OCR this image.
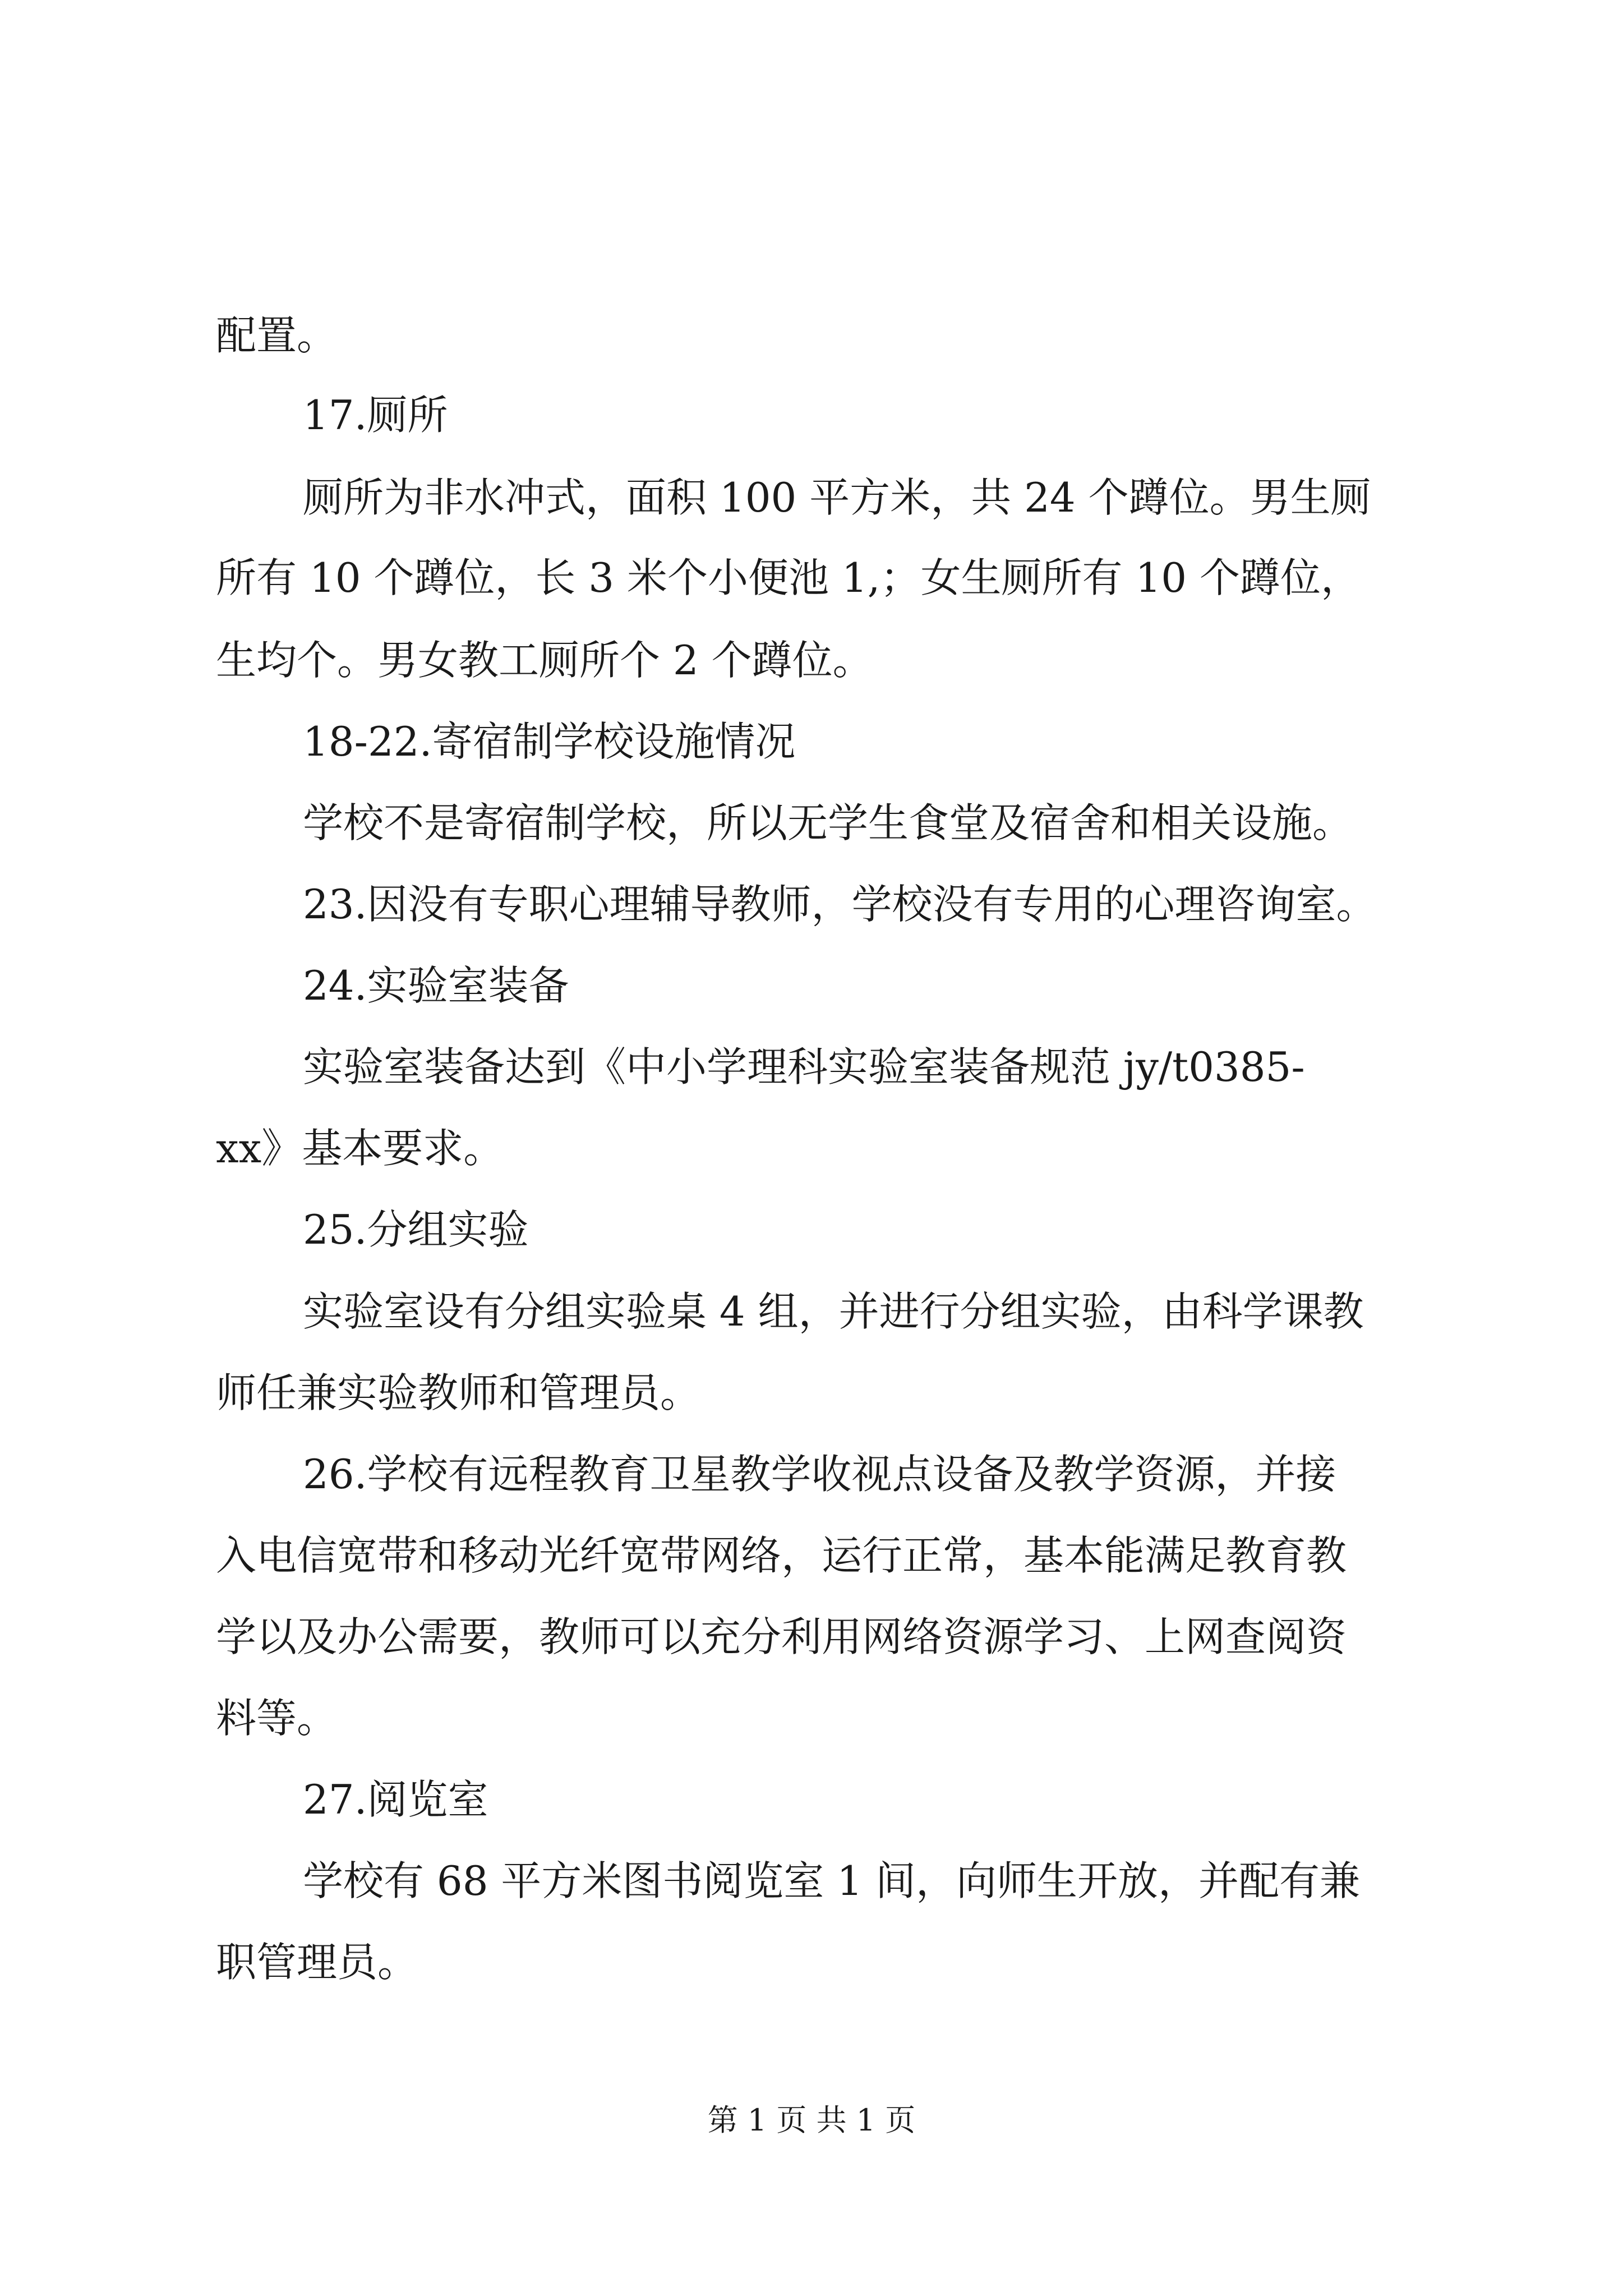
配置。
17.厕所
厕所为非水冲式，面积 100 平方米，共 24 个蹲位。男生厕
所有 10 个蹲位，长 3 米个小便池 1,；女生厕所有 10 个蹲位，
生均个。男女教工厕所个 2 个蹲位。
18-22.寄宿制学校设施情况
学校不是寄宿制学校，所以无学生食堂及宿舍和相关设施。
23.因没有专职心理辅导教师，学校没有专用的心理咨询室。
24.实验室装备
实验室装备达到《中小学理科实验室装备规范 jy/t0385-
xx》基本要求。
25.分组实验
实验室设有分组实验桌 4 组，并进行分组实验，由科学课教
师任兼实验教师和管理员。
26.学校有远程教育卫星教学收视点设备及教学资源，并接
入电信宽带和移动光纤宽带网络，运行正常，基本能满足教育教
学以及办公需要，教师可以充分利用网络资源学习、上网查阅资
料等。
27.阅览室
学校有 68 平方米图书阅览室 1 间，向师生开放，并配有兼
职管理员。
第 1 页 共 1 页
